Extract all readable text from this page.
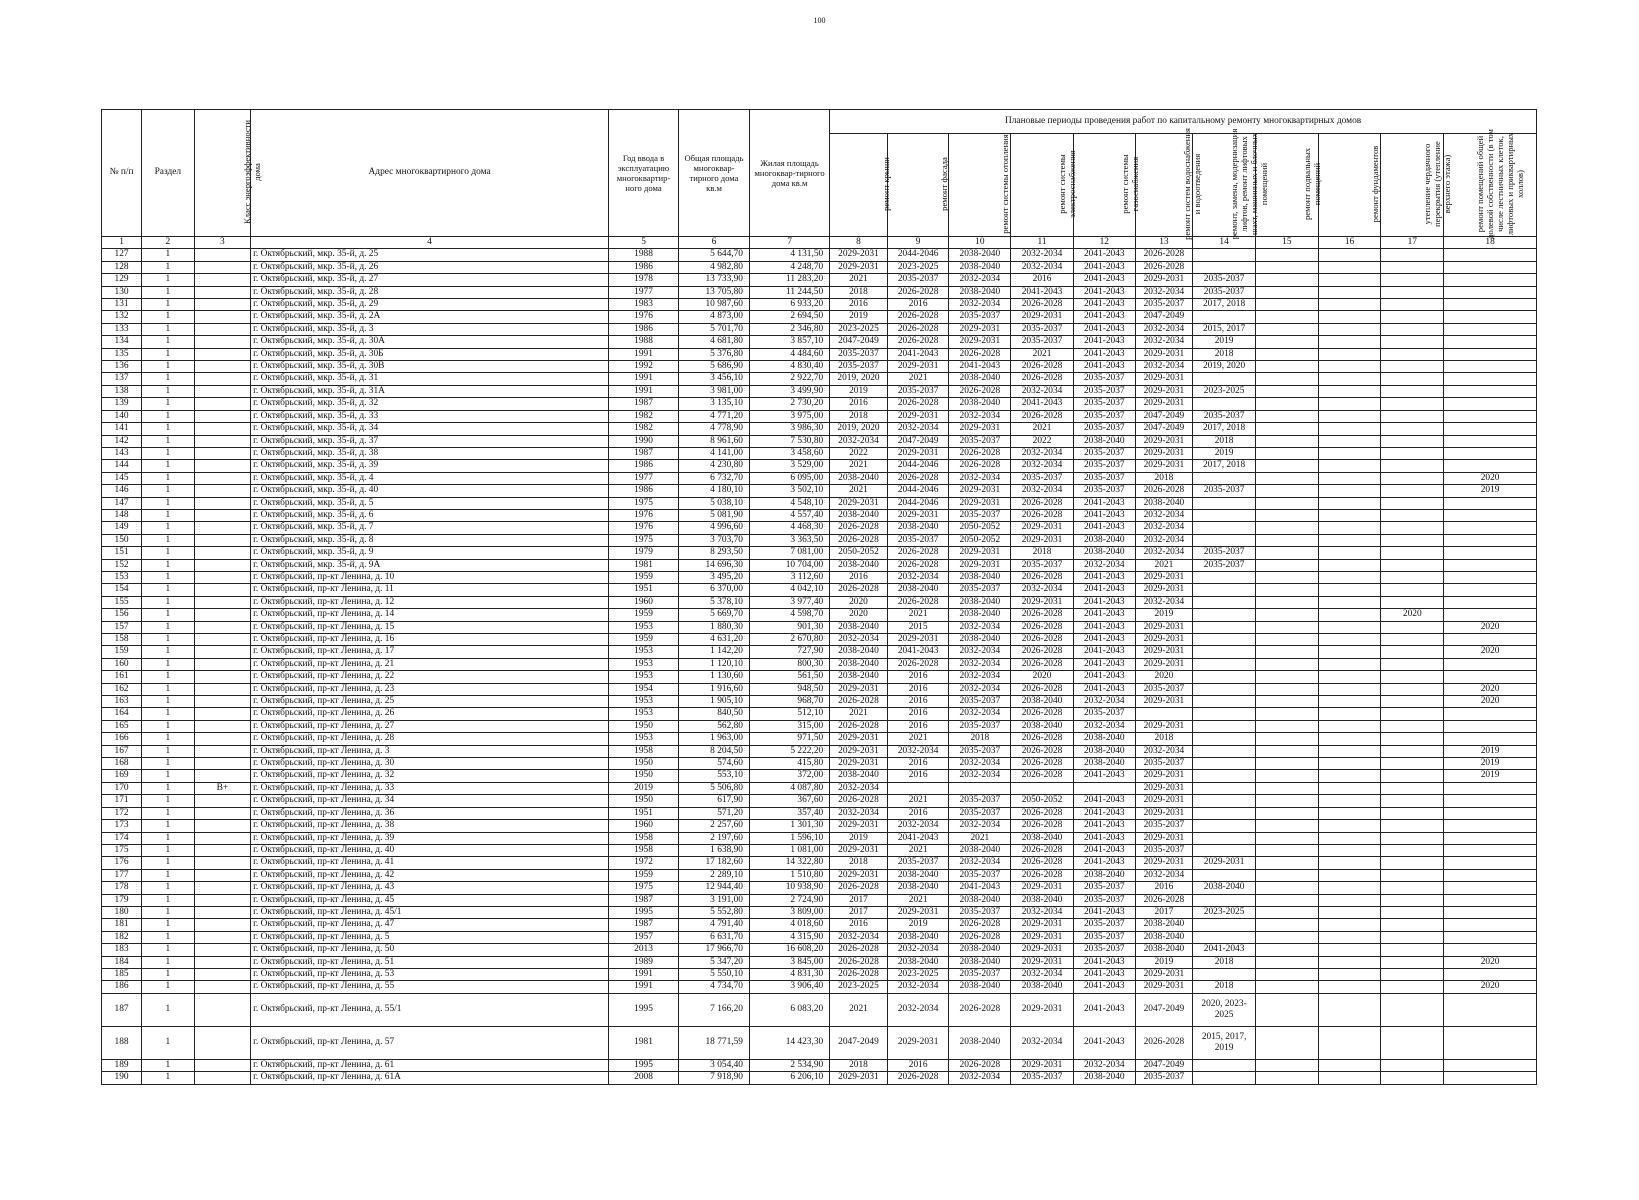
100
№ п/п	Раздел	Класс энергоэффективности дома	Адрес многоквартирного дома	Год ввода в эксплуатацию многоквартир-ного дома	Общая площадь многоквар-тирного дома кв.м	Жилая площадь многоквар-тирного дома кв.м	Плановые периоды проведения работ по капитальному ремонту многоквартирных домов										
							ремонт крыши	ремонт фасада	ремонт системы отопления	ремонт системы электроснабжения	ремонт системы газоснабжения	ремонт систем водоснабжения и водоотведения	ремонт, замена, модернизация лифтов, ремонт лифтовых шахт, машинных и блочных помещений	ремонт подвальных помещений	ремонт фундаментов	утепление чердачного перекрытия (утепление верхнего этажа)	ремонт помещений общей долевой собственности (в том числе лестничных клеток, лифтовых и приквартирных холлов)
1	2	3	4	5	6	7	8	9	10	11	12	13	14	15	16	17	18
127	1		г. Октябрьский, мкр. 35-й, д. 25	1988	5 644,70	4 131,50	2029-2031	2044-2046	2038-2040	2032-2034	2041-2043	2026-2028					
128	1		г. Октябрьский, мкр. 35-й, д. 26	1986	4 982,80	4 248,70	2029-2031	2023-2025	2038-2040	2032-2034	2041-2043	2026-2028					
129	1		г. Октябрьский, мкр. 35-й, д. 27	1978	13 733,90	11 283,20	2021	2035-2037	2032-2034	2016	2041-2043	2029-2031	2035-2037				
130	1		г. Октябрьский, мкр. 35-й, д. 28	1977	13 705,80	11 244,50	2018	2026-2028	2038-2040	2041-2043	2041-2043	2032-2034	2035-2037				
131	1		г. Октябрьский, мкр. 35-й, д. 29	1983	10 987,60	6 933,20	2016	2016	2032-2034	2026-2028	2041-2043	2035-2037	2017, 2018				
132	1		г. Октябрьский, мкр. 35-й, д. 2А	1976	4 873,00	2 694,50	2019	2026-2028	2035-2037	2029-2031	2041-2043	2047-2049					
133	1		г. Октябрьский, мкр. 35-й, д. 3	1986	5 701,70	2 346,80	2023-2025	2026-2028	2029-2031	2035-2037	2041-2043	2032-2034	2015, 2017				
134	1		г. Октябрьский, мкр. 35-й, д. 30А	1988	4 681,80	3 857,10	2047-2049	2026-2028	2029-2031	2035-2037	2041-2043	2032-2034	2019				
135	1		г. Октябрьский, мкр. 35-й, д. 30Б	1991	5 376,80	4 484,60	2035-2037	2041-2043	2026-2028	2021	2041-2043	2029-2031	2018				
136	1		г. Октябрьский, мкр. 35-й, д. 30В	1992	5 686,90	4 830,40	2035-2037	2029-2031	2041-2043	2026-2028	2041-2043	2032-2034	2019, 2020				
137	1		г. Октябрьский, мкр. 35-й, д. 31	1991	3 456,10	2 922,70	2019, 2020	2021	2038-2040	2026-2028	2035-2037	2029-2031					
138	1		г. Октябрьский, мкр. 35-й, д. 31А	1991	3 981,00	3 499,90	2019	2035-2037	2026-2028	2032-2034	2035-2037	2029-2031	2023-2025				
139	1		г. Октябрьский, мкр. 35-й, д. 32	1987	3 135,10	2 730,20	2016	2026-2028	2038-2040	2041-2043	2035-2037	2029-2031					
140	1		г. Октябрьский, мкр. 35-й, д. 33	1982	4 771,20	3 975,00	2018	2029-2031	2032-2034	2026-2028	2035-2037	2047-2049	2035-2037				
141	1		г. Октябрьский, мкр. 35-й, д. 34	1982	4 778,90	3 986,30	2019, 2020	2032-2034	2029-2031	2021	2035-2037	2047-2049	2017, 2018				
142	1		г. Октябрьский, мкр. 35-й, д. 37	1990	8 961,60	7 530,80	2032-2034	2047-2049	2035-2037	2022	2038-2040	2029-2031	2018				
143	1		г. Октябрьский, мкр. 35-й, д. 38	1987	4 141,00	3 458,60	2022	2029-2031	2026-2028	2032-2034	2035-2037	2029-2031	2019				
144	1		г. Октябрьский, мкр. 35-й, д. 39	1986	4 230,80	3 529,00	2021	2044-2046	2026-2028	2032-2034	2035-2037	2029-2031	2017, 2018				
145	1		г. Октябрьский, мкр. 35-й, д. 4	1977	6 732,70	6 095,00	2038-2040	2026-2028	2032-2034	2035-2037	2035-2037	2018					2020
146	1		г. Октябрьский, мкр. 35-й, д. 40	1986	4 180,10	3 502,10	2021	2044-2046	2029-2031	2032-2034	2035-2037	2026-2028	2035-2037				2019
147	1		г. Октябрьский, мкр. 35-й, д. 5	1975	5 038,10	4 548,10	2029-2031	2044-2046	2029-2031	2026-2028	2041-2043	2038-2040					
148	1		г. Октябрьский, мкр. 35-й, д. 6	1976	5 081,90	4 557,40	2038-2040	2029-2031	2035-2037	2026-2028	2041-2043	2032-2034					
149	1		г. Октябрьский, мкр. 35-й, д. 7	1976	4 996,60	4 468,30	2026-2028	2038-2040	2050-2052	2029-2031	2041-2043	2032-2034					
150	1		г. Октябрьский, мкр. 35-й, д. 8	1975	3 703,70	3 363,50	2026-2028	2035-2037	2050-2052	2029-2031	2038-2040	2032-2034					
151	1		г. Октябрьский, мкр. 35-й, д. 9	1979	8 293,50	7 081,00	2050-2052	2026-2028	2029-2031	2018	2038-2040	2032-2034	2035-2037				
152	1		г. Октябрьский, мкр. 35-й, д. 9А	1981	14 696,30	10 704,00	2038-2040	2026-2028	2029-2031	2035-2037	2032-2034	2021	2035-2037				
153	1		г. Октябрьский, пр-кт Ленина, д. 10	1959	3 495,20	3 112,60	2016	2032-2034	2038-2040	2026-2028	2041-2043	2029-2031					
154	1		г. Октябрьский, пр-кт Ленина, д. 11	1951	6 370,00	4 042,10	2026-2028	2038-2040	2035-2037	2032-2034	2041-2043	2029-2031					
155	1		г. Октябрьский, пр-кт Ленина, д. 12	1960	5 378,10	3 977,40	2020	2026-2028	2038-2040	2029-2031	2041-2043	2032-2034					
156	1		г. Октябрьский, пр-кт Ленина, д. 14	1959	5 669,70	4 598,70	2020	2021	2038-2040	2026-2028	2041-2043	2019				2020	
157	1		г. Октябрьский, пр-кт Ленина, д. 15	1953	1 880,30	901,30	2038-2040	2015	2032-2034	2026-2028	2041-2043	2029-2031					2020
158	1		г. Октябрьский, пр-кт Ленина, д. 16	1959	4 631,20	2 670,80	2032-2034	2029-2031	2038-2040	2026-2028	2041-2043	2029-2031					
159	1		г. Октябрьский, пр-кт Ленина, д. 17	1953	1 142,20	727,90	2038-2040	2041-2043	2032-2034	2026-2028	2041-2043	2029-2031					2020
160	1		г. Октябрьский, пр-кт Ленина, д. 21	1953	1 120,10	800,30	2038-2040	2026-2028	2032-2034	2026-2028	2041-2043	2029-2031					
161	1		г. Октябрьский, пр-кт Ленина, д. 22	1953	1 130,60	561,50	2038-2040	2016	2032-2034	2020	2041-2043	2020					
162	1		г. Октябрьский, пр-кт Ленина, д. 23	1954	1 916,60	948,50	2029-2031	2016	2032-2034	2026-2028	2041-2043	2035-2037					2020
163	1		г. Октябрьский, пр-кт Ленина, д. 25	1953	1 905,10	968,70	2026-2028	2016	2035-2037	2038-2040	2032-2034	2029-2031					2020
164	1		г. Октябрьский, пр-кт Ленина, д. 26	1953	840,50	512,10	2021	2016	2032-2034	2026-2028	2035-2037						
165	1		г. Октябрьский, пр-кт Ленина, д. 27	1950	562,80	315,00	2026-2028	2016	2035-2037	2038-2040	2032-2034	2029-2031					
166	1		г. Октябрьский, пр-кт Ленина, д. 28	1953	1 963,00	971,50	2029-2031	2021	2018	2026-2028	2038-2040	2018					
167	1		г. Октябрьский, пр-кт Ленина, д. 3	1958	8 204,50	5 222,20	2029-2031	2032-2034	2035-2037	2026-2028	2038-2040	2032-2034					2019
168	1		г. Октябрьский, пр-кт Ленина, д. 30	1950	574,60	415,80	2029-2031	2016	2032-2034	2026-2028	2038-2040	2035-2037					2019
169	1		г. Октябрьский, пр-кт Ленина, д. 32	1950	553,10	372,00	2038-2040	2016	2032-2034	2026-2028	2041-2043	2029-2031					2019
170	1	В+	г. Октябрьский, пр-кт Ленина, д. 33	2019	5 506,80	4 087,80	2032-2034					2029-2031					
171	1		г. Октябрьский, пр-кт Ленина, д. 34	1950	617,90	367,60	2026-2028	2021	2035-2037	2050-2052	2041-2043	2029-2031					
172	1		г. Октябрьский, пр-кт Ленина, д. 36	1951	571,20	357,40	2032-2034	2016	2035-2037	2026-2028	2041-2043	2029-2031					
173	1		г. Октябрьский, пр-кт Ленина, д. 38	1960	2 257,60	1 301,30	2029-2031	2032-2034	2032-2034	2026-2028	2041-2043	2035-2037					
174	1		г. Октябрьский, пр-кт Ленина, д. 39	1958	2 197,60	1 596,10	2019	2041-2043	2021	2038-2040	2041-2043	2029-2031					
175	1		г. Октябрьский, пр-кт Ленина, д. 40	1958	1 638,90	1 081,00	2029-2031	2021	2038-2040	2026-2028	2041-2043	2035-2037					
176	1		г. Октябрьский, пр-кт Ленина, д. 41	1972	17 182,60	14 322,80	2018	2035-2037	2032-2034	2026-2028	2041-2043	2029-2031	2029-2031				
177	1		г. Октябрьский, пр-кт Ленина, д. 42	1959	2 289,10	1 510,80	2029-2031	2038-2040	2035-2037	2026-2028	2038-2040	2032-2034					
178	1		г. Октябрьский, пр-кт Ленина, д. 43	1975	12 944,40	10 938,90	2026-2028	2038-2040	2041-2043	2029-2031	2035-2037	2016	2038-2040				
179	1		г. Октябрьский, пр-кт Ленина, д. 45	1987	3 191,00	2 724,90	2017	2021	2038-2040	2038-2040	2035-2037	2026-2028					
180	1		г. Октябрьский, пр-кт Ленина, д. 45/1	1995	5 552,80	3 809,00	2017	2029-2031	2035-2037	2032-2034	2041-2043	2017	2023-2025				
181	1		г. Октябрьский, пр-кт Ленина, д. 47	1987	4 791,40	4 018,60	2016	2019	2026-2028	2029-2031	2035-2037	2038-2040					
182	1		г. Октябрьский, пр-кт Ленина, д. 5	1957	6 631,70	4 315,90	2032-2034	2038-2040	2026-2028	2029-2031	2035-2037	2038-2040					
183	1		г. Октябрьский, пр-кт Ленина, д. 50	2013	17 966,70	16 608,20	2026-2028	2032-2034	2038-2040	2029-2031	2035-2037	2038-2040	2041-2043				
184	1		г. Октябрьский, пр-кт Ленина, д. 51	1989	5 347,20	3 845,00	2026-2028	2038-2040	2038-2040	2029-2031	2041-2043	2019	2018				2020
185	1		г. Октябрьский, пр-кт Ленина, д. 53	1991	5 550,10	4 831,30	2026-2028	2023-2025	2035-2037	2032-2034	2041-2043	2029-2031					
186	1		г. Октябрьский, пр-кт Ленина, д. 55	1991	4 734,70	3 906,40	2023-2025	2032-2034	2038-2040	2038-2040	2041-2043	2029-2031	2018				2020
187	1		г. Октябрьский, пр-кт Ленина, д. 55/1	1995	7 166,20	6 083,20	2021	2032-2034	2026-2028	2029-2031	2041-2043	2047-2049	2020, 2023-2025				
188	1		г. Октябрьский, пр-кт Ленина, д. 57	1981	18 771,59	14 423,30	2047-2049	2029-2031	2038-2040	2032-2034	2041-2043	2026-2028	2015, 2017, 2019				
189	1		г. Октябрьский, пр-кт Ленина, д. 61	1995	3 054,40	2 534,90	2018	2016	2026-2028	2029-2031	2032-2034	2047-2049					
190	1		г. Октябрьский, пр-кт Ленина, д. 61А	2008	7 918,90	6 206,10	2029-2031	2026-2028	2032-2034	2035-2037	2038-2040	2035-2037					
